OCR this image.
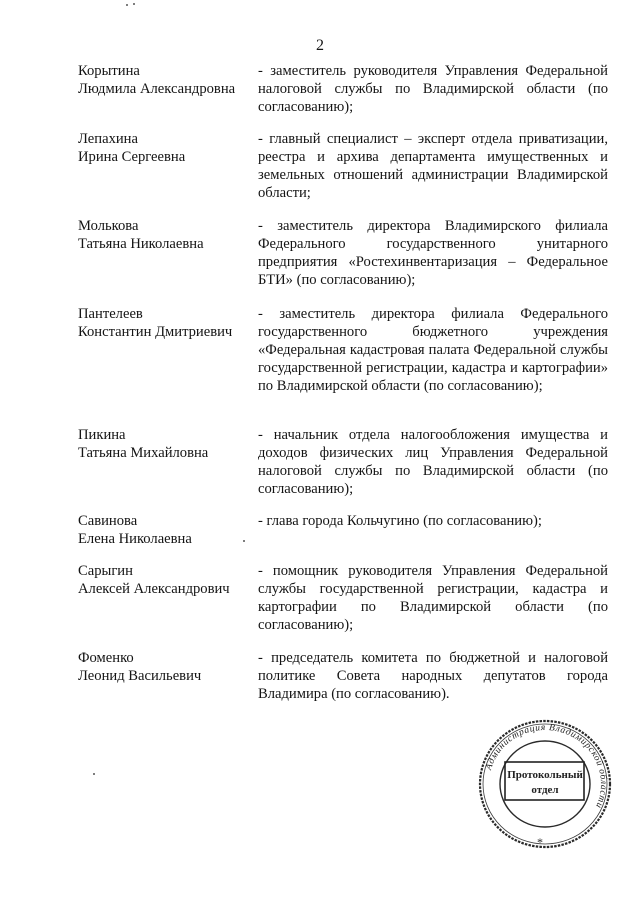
2
Корытина
Людмила Александровна
- заместитель руководителя Управления Федеральной налоговой службы по Владимирской области (по согласованию);
Лепахина
Ирина Сергеевна
- главный специалист – эксперт отдела приватизации, реестра и архива департамента имущественных и земельных отношений администрации Владимирской области;
Молькова
Татьяна Николаевна
- заместитель директора Владимирского филиала Федерального государственного унитарного предприятия «Ростехинвентаризация – Федеральное БТИ» (по согласованию);
Пантелеев
Константин Дмитриевич
- заместитель директора филиала Федерального государственного бюджетного учреждения «Федеральная кадастровая палата Федеральной службы государственной регистрации, кадастра и картографии» по Владимирской области (по согласованию);
Пикина
Татьяна Михайловна
- начальник отдела налогообложения имущества и доходов физических лиц Управления Федеральной налоговой службы по Владимирской области (по согласованию);
Савинова
Елена Николаевна
- глава города Кольчугино (по согласованию);
Сарыгин
Алексей Александрович
- помощник руководителя Управления Федеральной службы государственной регистрации, кадастра и картографии по Владимирской области (по согласованию);
Фоменко
Леонид Васильевич
- председатель комитета по бюджетной и налоговой политике Совета народных депутатов города Владимира (по согласованию).
Администрация Владимирской области
*
Протокольный
отдел
